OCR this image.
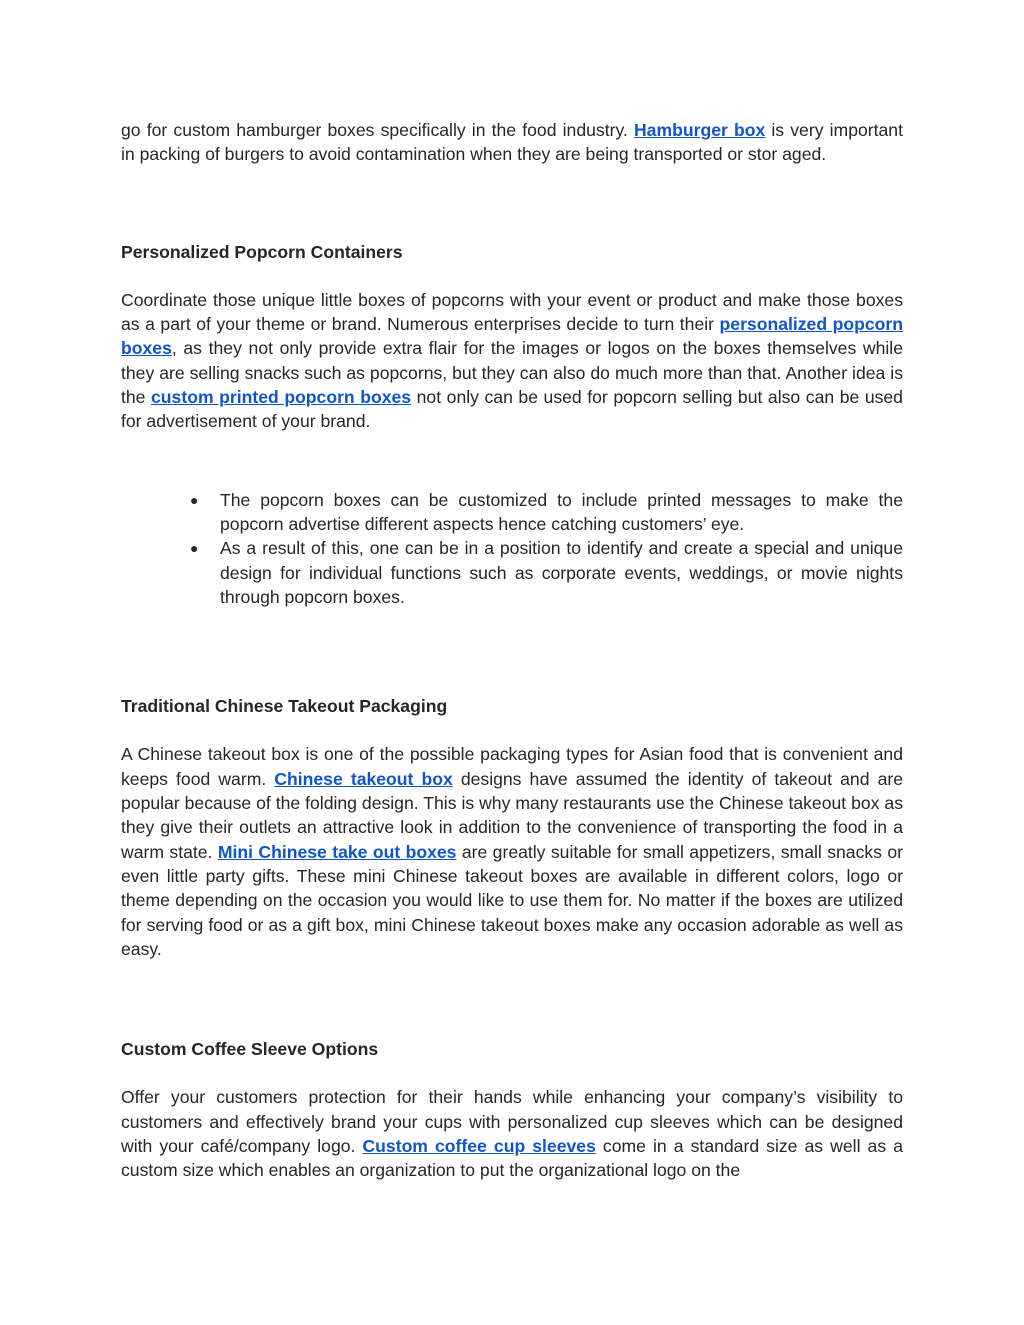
go for custom hamburger boxes specifically in the food industry. Hamburger box is very important in packing of burgers to avoid contamination when they are being transported or stor aged.

Personalized Popcorn Containers

Coordinate those unique little boxes of popcorns with your event or product and make those boxes as a part of your theme or brand. Numerous enterprises decide to turn their personalized popcorn boxes, as they not only provide extra flair for the images or logos on the boxes themselves while they are selling snacks such as popcorns, but they can also do much more than that. Another idea is the custom printed popcorn boxes not only can be used for popcorn selling but also can be used for advertisement of your brand.

● The popcorn boxes can be customized to include printed messages to make the popcorn advertise different aspects hence catching customers’ eye.
● As a result of this, one can be in a position to identify and create a special and unique design for individual functions such as corporate events, weddings, or movie nights through popcorn boxes.
Traditional Chinese Takeout Packaging

A Chinese takeout box is one of the possible packaging types for Asian food that is convenient and keeps food warm. Chinese takeout box designs have assumed the identity of takeout and are popular because of the folding design. This is why many restaurants use the Chinese takeout box as they give their outlets an attractive look in addition to the convenience of transporting the food in a warm state. Mini Chinese take out boxes are greatly suitable for small appetizers, small snacks or even little party gifts. These mini Chinese takeout boxes are available in different colors, logo or theme depending on the occasion you would like to use them for. No matter if the boxes are utilized for serving food or as a gift box, mini Chinese takeout boxes make any occasion adorable as well as easy.

Custom Coffee Sleeve Options

Offer your customers protection for their hands while enhancing your company’s visibility to customers and effectively brand your cups with personalized cup sleeves which can be designed with your café/company logo. Custom coffee cup sleeves come in a standard size as well as a custom size which enables an organization to put the organizational logo on the
